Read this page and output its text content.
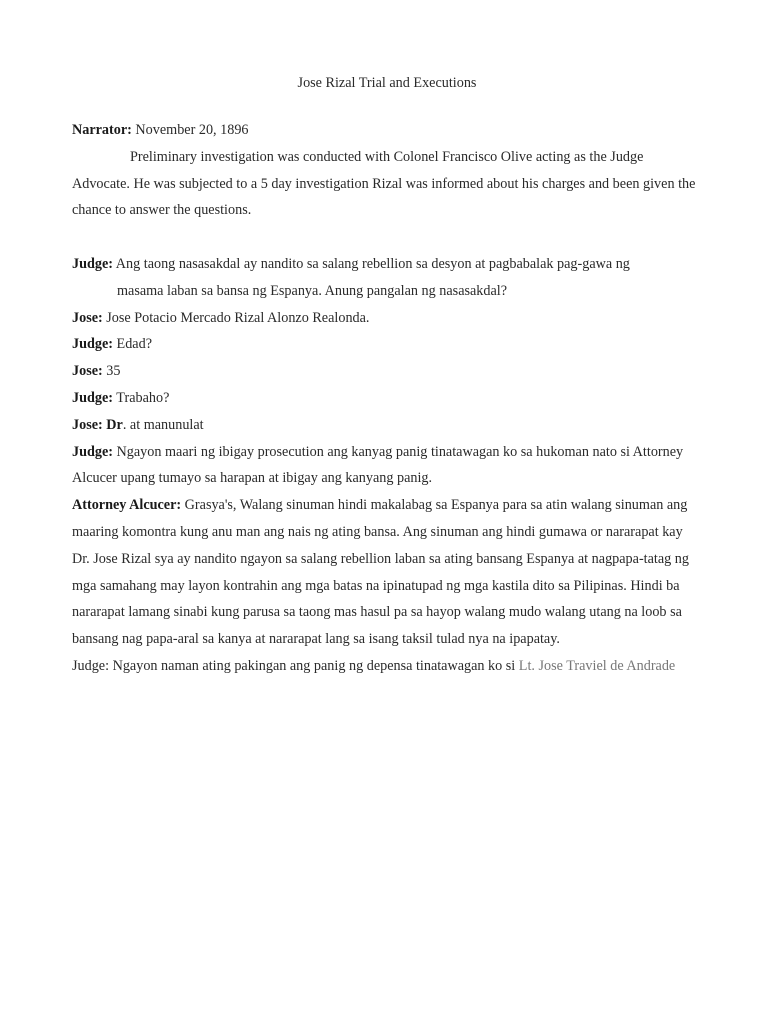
Jose Rizal Trial and Executions
Narrator: November 20, 1896
Preliminary investigation was conducted with Colonel Francisco Olive acting as the Judge Advocate. He was subjected to a 5 day investigation Rizal was informed about his charges and been given the chance to answer the questions.
Judge: Ang taong nasasakdal ay nandito sa salang rebellion sa desyon at pagbabalak pag-gawa ng
masama laban sa bansa ng Espanya. Anung pangalan ng nasasakdal?
Jose: Jose Potacio Mercado Rizal Alonzo Realonda.
Judge: Edad?
Jose: 35
Judge: Trabaho?
Jose: Dr. at manunulat
Judge: Ngayon maari ng ibigay prosecution ang kanyag panig tinatawagan ko sa hukoman nato si Attorney Alcucer upang tumayo sa harapan at ibigay ang kanyang panig.
Attorney Alcucer: Grasya's, Walang sinuman hindi makalabag sa Espanya para sa atin walang sinuman ang maaring komontra kung anu man ang nais ng ating bansa. Ang sinuman ang hindi gumawa or nararapat kay Dr. Jose Rizal sya ay nandito ngayon sa salang rebellion laban sa ating bansang Espanya at nagpapa-tatag ng mga samahang may layon kontrahin ang mga batas na ipinatupad ng mga kastila dito sa Pilipinas. Hindi ba nararapat lamang sinabi kung parusa sa taong mas hasul pa sa hayop walang mudo walang utang na loob sa bansang nag papa-aral sa kanya at nararapat lang sa isang taksil tulad nya na ipapatay.
Judge: Ngayon naman ating pakingan ang panig ng depensa tinatawagan ko si Lt. Jose Traviel de Andrade
